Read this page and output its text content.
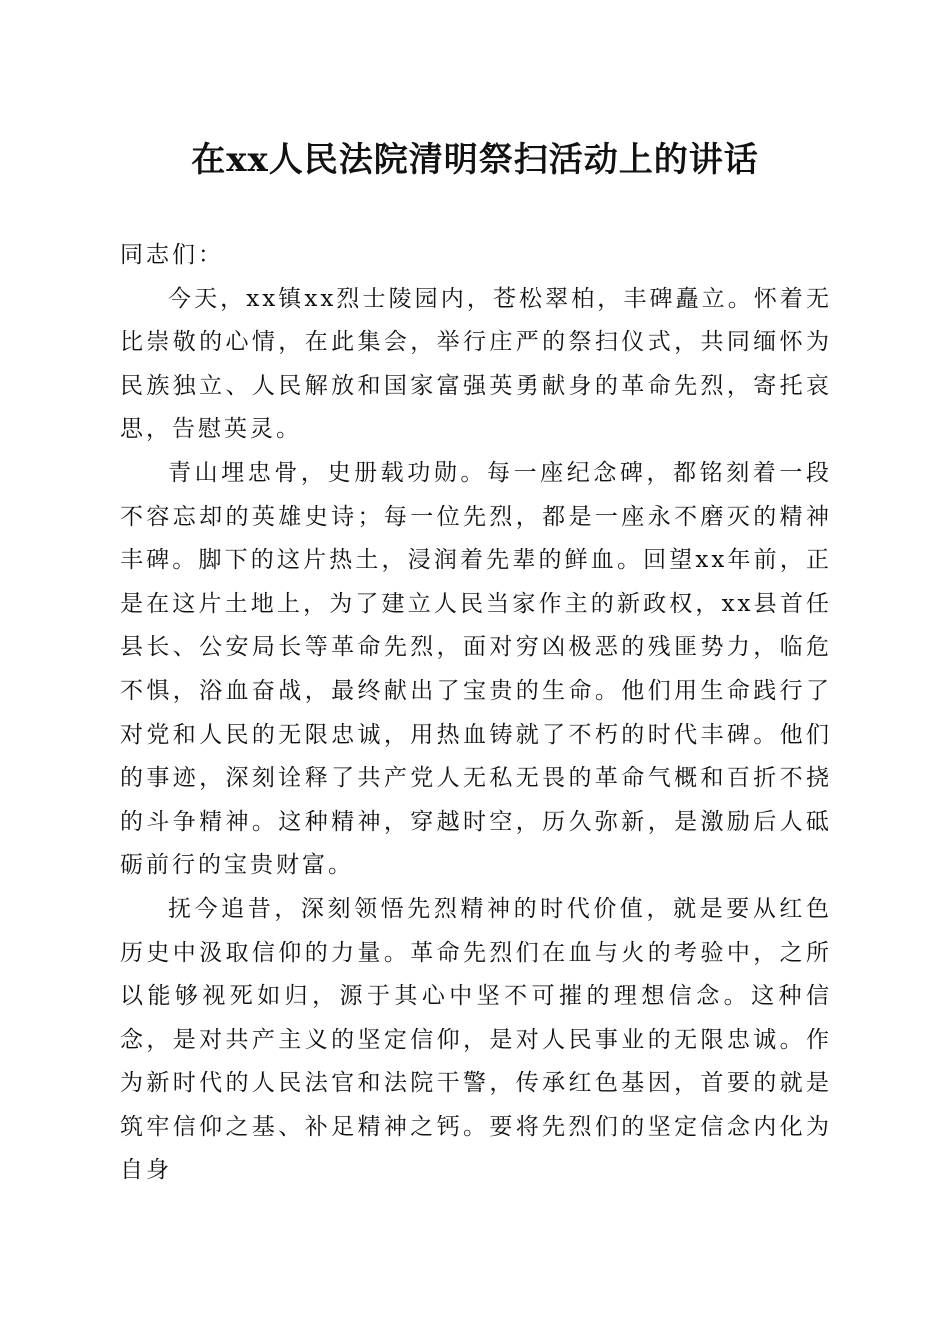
在xx人民法院清明祭扫活动上的讲话

同志们：

今天，xx镇xx烈士陵园内，苍松翠柏，丰碑矗立。怀着无比崇敬的心情，在此集会，举行庄严的祭扫仪式，共同缅怀为民族独立、人民解放和国家富强英勇献身的革命先烈，寄托哀思，告慰英灵。

青山埋忠骨，史册载功勋。每一座纪念碑，都铭刻着一段不容忘却的英雄史诗；每一位先烈，都是一座永不磨灭的精神丰碑。脚下的这片热土，浸润着先辈的鲜血。回望xx年前，正是在这片土地上，为了建立人民当家作主的新政权，xx县首任县长、公安局长等革命先烈，面对穷凶极恶的残匪势力，临危不惧，浴血奋战，最终献出了宝贵的生命。他们用生命践行了对党和人民的无限忠诚，用热血铸就了不朽的时代丰碑。他们的事迹，深刻诠释了共产党人无私无畏的革命气概和百折不挠的斗争精神。这种精神，穿越时空，历久弥新，是激励后人砥砺前行的宝贵财富。

抚今追昔，深刻领悟先烈精神的时代价值，就是要从红色历史中汲取信仰的力量。革命先烈们在血与火的考验中，之所以能够视死如归，源于其心中坚不可摧的理想信念。这种信念，是对共产主义的坚定信仰，是对人民事业的无限忠诚。作为新时代的人民法官和法院干警，传承红色基因，首要的就是筑牢信仰之基、补足精神之钙。要将先烈们的坚定信念内化为自身
